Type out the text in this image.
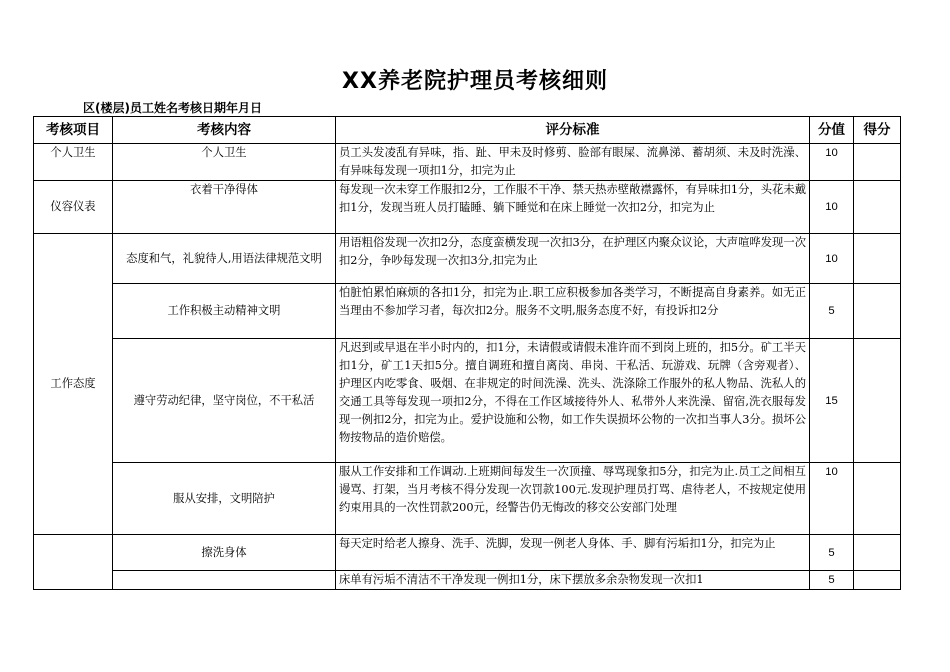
XX养老院护理员考核细则
区(楼层)员工姓名考核日期年月日
考核项目	考核内容	评分标准	分值	得分
个人卫生	个人卫生	员工头发凌乱有异味，指、趾、甲未及时修剪、脸部有眼屎、流鼻涕、蓄胡须、未及时洗澡、有异味每发现一项扣1分，扣完为止	10	
仪容仪表	衣着干净得体	每发现一次未穿工作服扣2分，工作服不干净、禁天热赤壁敞襟露怀，有异味扣1分，头花未戴扣1分，发现当班人员打瞌睡、躺下睡觉和在床上睡觉一次扣2分，扣完为止	10	
工作态度	态度和气，礼貌待人,用语法律规范文明	用语粗俗发现一次扣2分，态度蛮横发现一次扣3分，在护理区内聚众议论，大声喧哗发现一次扣2分，争吵每发现一次扣3分,扣完为止	10	
	工作积极主动精神文明	怕脏怕累怕麻烦的各扣1分，扣完为止.职工应积极参加各类学习，不断提高自身素养。如无正当理由不参加学习者，每次扣2分。服务不文明,服务态度不好，有投诉扣2分	5	
	遵守劳动纪律，坚守岗位，不干私活	凡迟到或早退在半小时内的，扣1分，未请假或请假未准许而不到岗上班的，扣5分。矿工半天扣1分，矿工1天扣5分。擅自调班和擅自离岗、串岗、干私活、玩游戏、玩牌（含旁观者）、护理区内吃零食、吸烟、在非规定的时间洗澡、洗头、洗涤除工作服外的私人物品、洗私人的交通工具等每发现一项扣2分，不得在工作区域接待外人、私带外人来洗澡、留宿,洗衣服每发现一例扣2分，扣完为止。爱护设施和公物，如工作失误损坏公物的一次扣当事人3分。损坏公物按物品的造价赔偿。	15	
	服从安排，文明陪护	服从工作安排和工作调动.上班期间每发生一次顶撞、辱骂现象扣5分，扣完为止.员工之间相互谩骂、打架，当月考核不得分发现一次罚款100元.发现护理员打骂、虐待老人，不按规定使用约束用具的一次性罚款200元，经警告仍无悔改的移交公安部门处理	10	
	擦洗身体	每天定时给老人擦身、洗手、洗脚，发现一例老人身体、手、脚有污垢扣1分，扣完为止	5	
		床单有污垢不清洁不干净发现一例扣1分，床下摆放多余杂物发现一次扣1	5	
